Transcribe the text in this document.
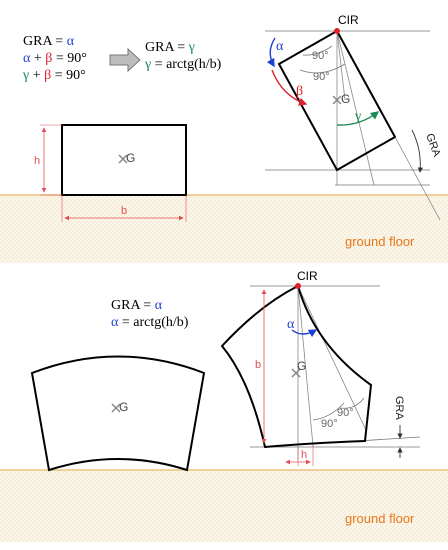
ground floor
GRA = α
α + β = 90°
γ + β = 90°
GRA = γ
γ = arctg(h/b)
G
h
b
GRA
α
β
γ
90°
90°
G
CIR
ground floor
GRA = α
α = arctg(h/b)
G
b
h
α
90°
90°	GRA
G
CIR
